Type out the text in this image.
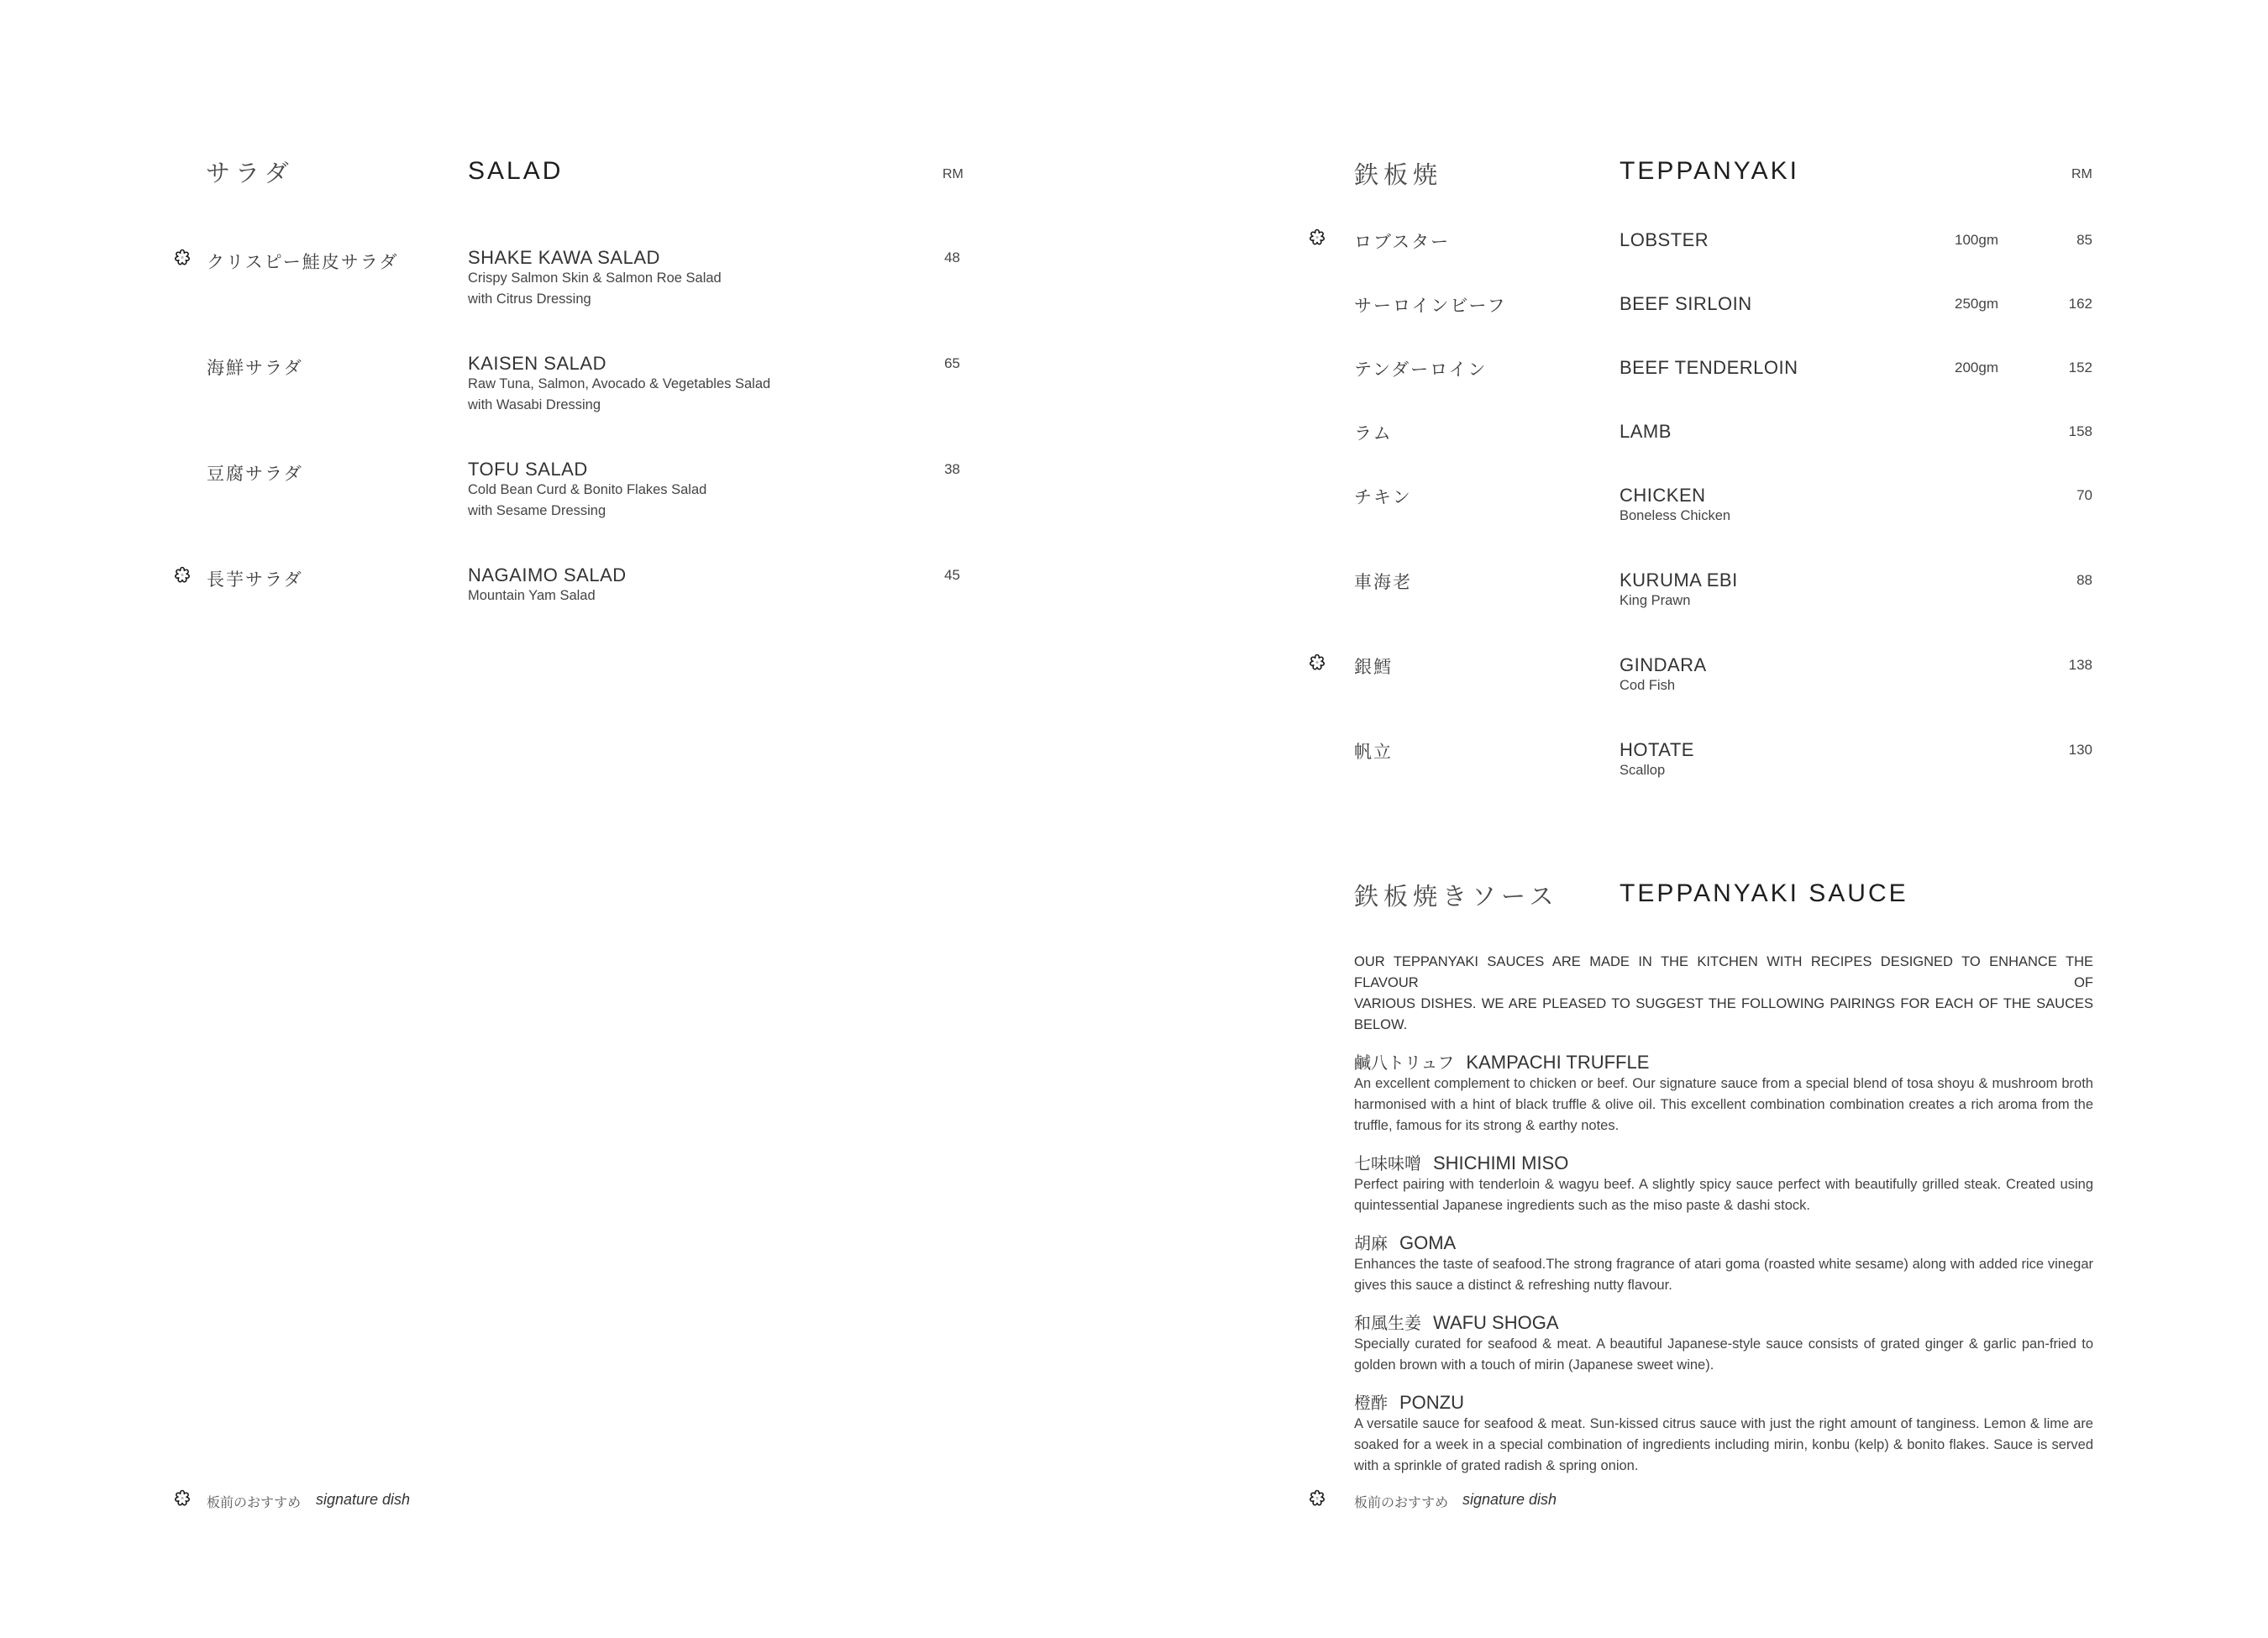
サラダ	SALAD	RM
クリスピー鮭皮サラダ	SHAKE KAWA SALAD
Crispy Salmon Skin & Salmon Roe Salad
with Citrus Dressing
48
海鮮サラダ	KAISEN SALAD
Raw Tuna, Salmon, Avocado & Vegetables Salad
with Wasabi Dressing
65
豆腐サラダ	TOFU SALAD
Cold Bean Curd & Bonito Flakes Salad
with Sesame Dressing
38
長芋サラダ	NAGAIMO SALAD
Mountain Yam Salad
45
板前のおすすめ signature dish
鉄板焼	TEPPANYAKI	RM
ロブスター	LOBSTER	100gm	85
サーロインビーフ	BEEF SIRLOIN	250gm	162
テンダーロイン	BEEF TENDERLOIN	200gm	152
ラム	LAMB	158
チキン	CHICKEN
Boneless Chicken
70
車海老	KURUMA EBI
King Prawn
88
銀鱈	GINDARA
Cod Fish
138
帆立	HOTATE
Scallop
130
鉄板焼きソース TEPPANYAKI SAUCE
OUR TEPPANYAKI SAUCES ARE MADE IN THE KITCHEN WITH RECIPES DESIGNED TO ENHANCE THE FLAVOUR OF
VARIOUS DISHES. WE ARE PLEASED TO SUGGEST THE FOLLOWING PAIRINGS FOR EACH OF THE SAUCES BELOW.
鹹八トリュフ KAMPACHI TRUFFLE
An excellent complement to chicken or beef. Our signature sauce from a special blend of tosa shoyu & mushroom broth harmonised with a hint of black truffle & olive oil. This excellent combination combination creates a rich aroma from the truffle, famous for its strong & earthy notes.
七味味噌 SHICHIMI MISO
Perfect pairing with tenderloin & wagyu beef. A slightly spicy sauce perfect with beautifully grilled steak. Created using quintessential Japanese ingredients such as the miso paste & dashi stock.
胡麻 GOMA
Enhances the taste of seafood.The strong fragrance of atari goma (roasted white sesame) along with added rice vinegar gives this sauce a distinct & refreshing nutty flavour.
和風生姜 WAFU SHOGA
Specially curated for seafood & meat. A beautiful Japanese-style sauce consists of grated ginger & garlic pan-fried to golden brown with a touch of mirin (Japanese sweet wine).
橙酢 PONZU
A versatile sauce for seafood & meat. Sun-kissed citrus sauce with just the right amount of tanginess. Lemon & lime are soaked for a week in a special combination of ingredients including mirin, konbu (kelp) & bonito flakes. Sauce is served with a sprinkle of grated radish & spring onion.
板前のおすすめ signature dish
